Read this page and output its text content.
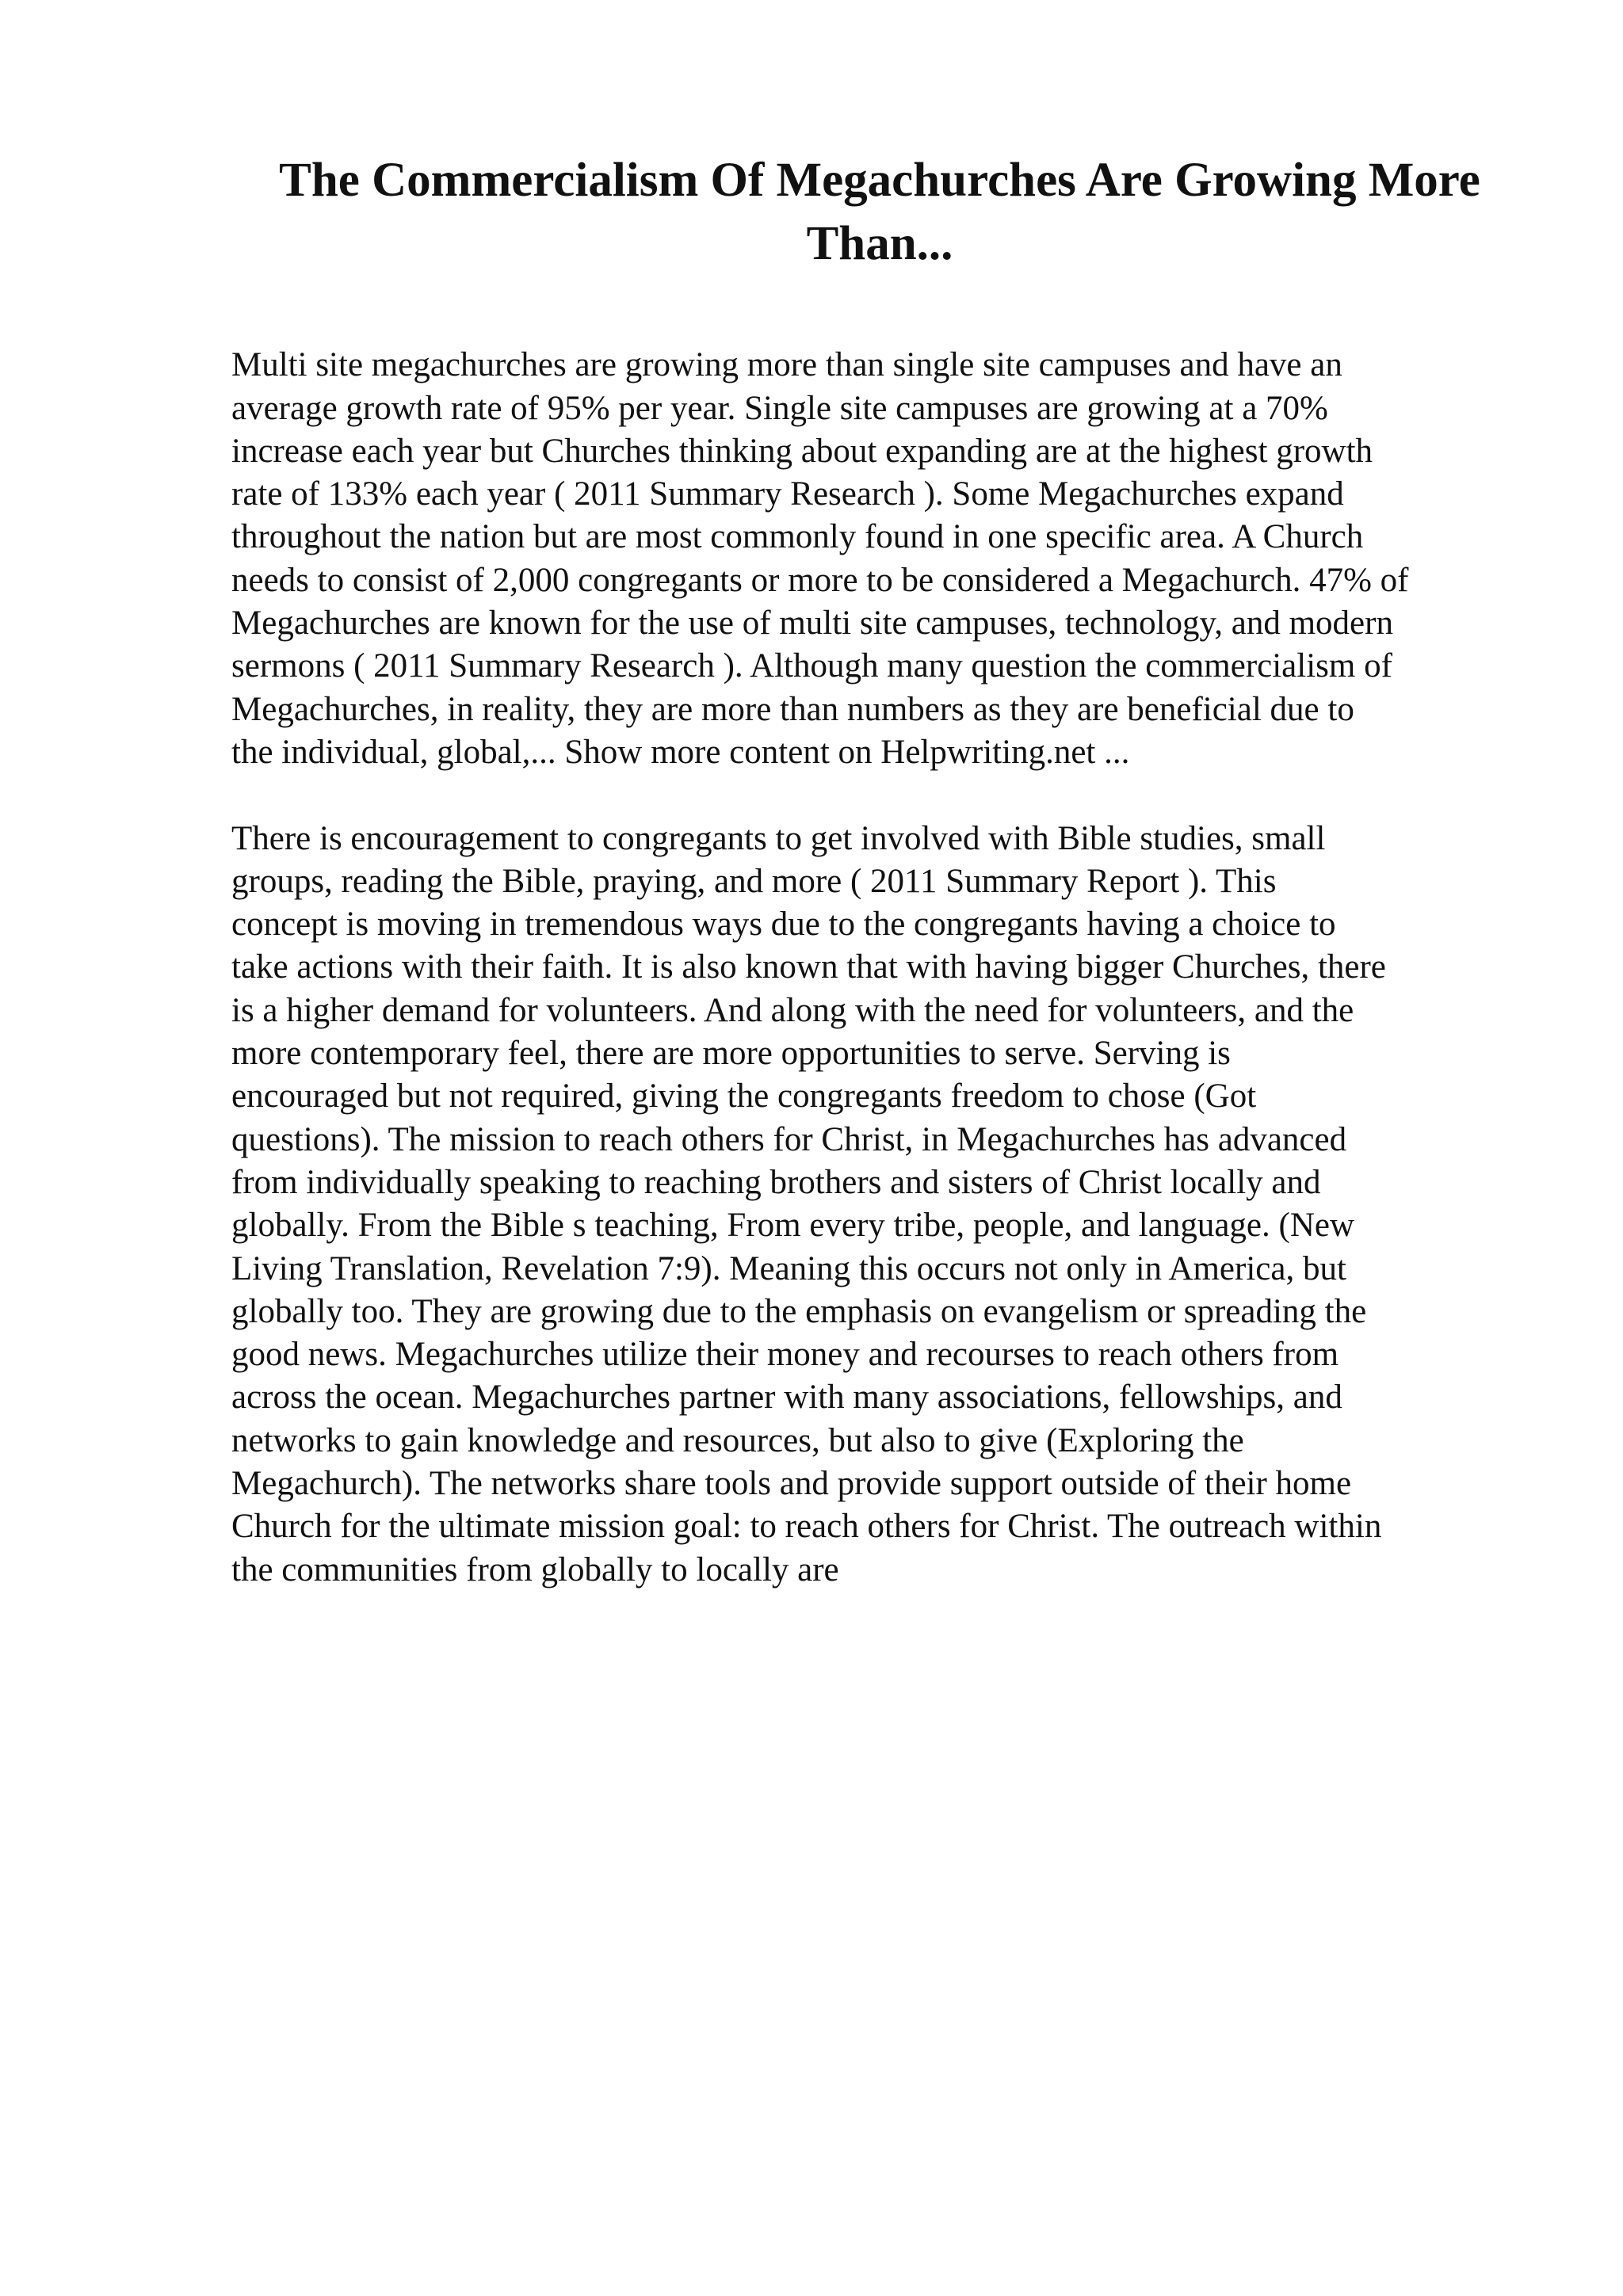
The Commercialism Of Megachurches Are Growing More Than...

Multi site megachurches are growing more than single site campuses and have an
average growth rate of 95% per year. Single site campuses are growing at a 70%
increase each year but Churches thinking about expanding are at the highest growth
rate of 133% each year ( 2011 Summary Research ). Some Megachurches expand
throughout the nation but are most commonly found in one specific area. A Church
needs to consist of 2,000 congregants or more to be considered a Megachurch. 47% of
Megachurches are known for the use of multi site campuses, technology, and modern
sermons ( 2011 Summary Research ). Although many question the commercialism of
Megachurches, in reality, they are more than numbers as they are beneficial due to
the individual, global,... Show more content on Helpwriting.net ...

There is encouragement to congregants to get involved with Bible studies, small
groups, reading the Bible, praying, and more ( 2011 Summary Report ). This
concept is moving in tremendous ways due to the congregants having a choice to
take actions with their faith. It is also known that with having bigger Churches, there
is a higher demand for volunteers. And along with the need for volunteers, and the
more contemporary feel, there are more opportunities to serve. Serving is
encouraged but not required, giving the congregants freedom to chose (Got
questions). The mission to reach others for Christ, in Megachurches has advanced
from individually speaking to reaching brothers and sisters of Christ locally and
globally. From the Bible s teaching, From every tribe, people, and language. (New
Living Translation, Revelation 7:9). Meaning this occurs not only in America, but
globally too. They are growing due to the emphasis on evangelism or spreading the
good news. Megachurches utilize their money and recourses to reach others from
across the ocean. Megachurches partner with many associations, fellowships, and
networks to gain knowledge and resources, but also to give (Exploring the
Megachurch). The networks share tools and provide support outside of their home
Church for the ultimate mission goal: to reach others for Christ. The outreach within
the communities from globally to locally are
